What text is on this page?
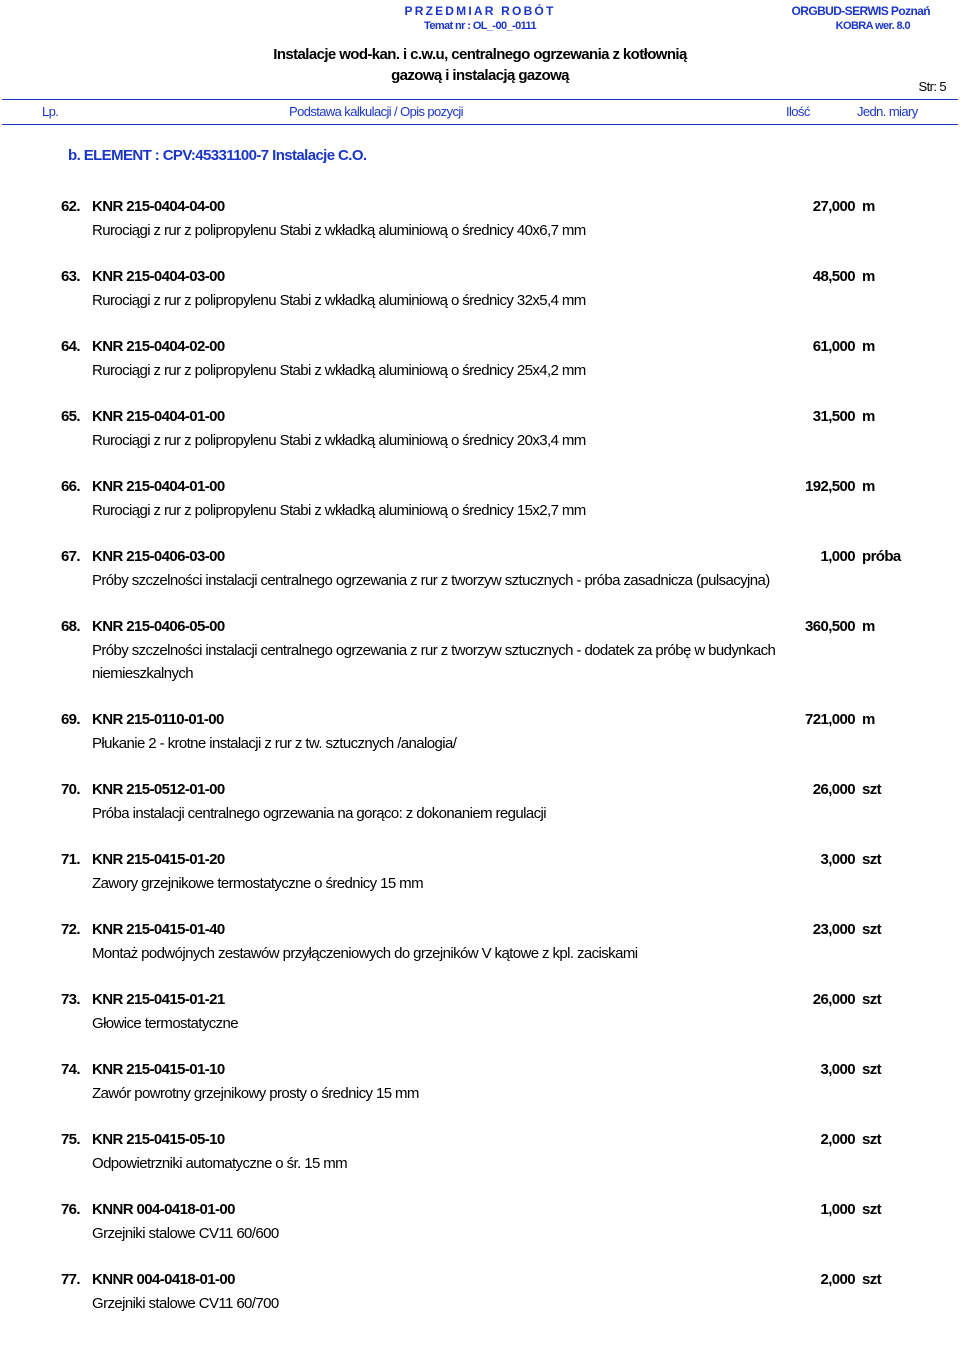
PRZEDMIAR ROBÓT	ORGBUD-SERWIS Poznań
Temat nr : OL_-00_-0111	KOBRA wer. 8.0
Instalacje wod-kan. i c.w.u, centralnego ogrzewania z kotłownią
gazową i instalacją gazową
Str: 5
Lp.	Podstawa kalkulacji / Opis pozycji	Ilość	Jedn. miary
b. ELEMENT : CPV:45331100-7 Instalacje C.O.
62. KNR 215-0404-04-00	27,000 m
Rurociągi z rur z polipropylenu Stabi z wkładką aluminiową o średnicy 40x6,7 mm
63. KNR 215-0404-03-00	48,500 m
Rurociągi z rur z polipropylenu Stabi z wkładką aluminiową o średnicy 32x5,4 mm
64. KNR 215-0404-02-00	61,000 m
Rurociągi z rur z polipropylenu Stabi z wkładką aluminiową o średnicy 25x4,2 mm
65. KNR 215-0404-01-00	31,500 m
Rurociągi z rur z polipropylenu Stabi z wkładką aluminiową o średnicy 20x3,4 mm
66. KNR 215-0404-01-00	192,500 m
Rurociągi z rur z polipropylenu Stabi z wkładką aluminiową o średnicy 15x2,7 mm
67. KNR 215-0406-03-00	1,000 próba
Próby szczelności instalacji centralnego ogrzewania z rur z tworzyw sztucznych - próba zasadnicza (pulsacyjna)
68. KNR 215-0406-05-00	360,500 m
Próby szczelności instalacji centralnego ogrzewania z rur z tworzyw sztucznych - dodatek za próbę w budynkach niemieszkalnych
69. KNR 215-0110-01-00	721,000 m
Płukanie 2 - krotne instalacji z rur z tw. sztucznych /analogia/
70. KNR 215-0512-01-00	26,000 szt
Próba instalacji centralnego ogrzewania na gorąco: z dokonaniem regulacji
71. KNR 215-0415-01-20	3,000 szt
Zawory grzejnikowe termostatyczne o średnicy 15 mm
72. KNR 215-0415-01-40	23,000 szt
Montaż podwójnych zestawów przyłączeniowych do grzejników V kątowe z kpl. zaciskami
73. KNR 215-0415-01-21	26,000 szt
Głowice termostatyczne
74. KNR 215-0415-01-10	3,000 szt
Zawór powrotny grzejnikowy prosty o średnicy 15 mm
75. KNR 215-0415-05-10	2,000 szt
Odpowietrzniki automatyczne o śr. 15 mm
76. KNNR 004-0418-01-00	1,000 szt
Grzejniki stalowe CV11 60/600
77. KNNR 004-0418-01-00	2,000 szt
Grzejniki stalowe CV11 60/700
